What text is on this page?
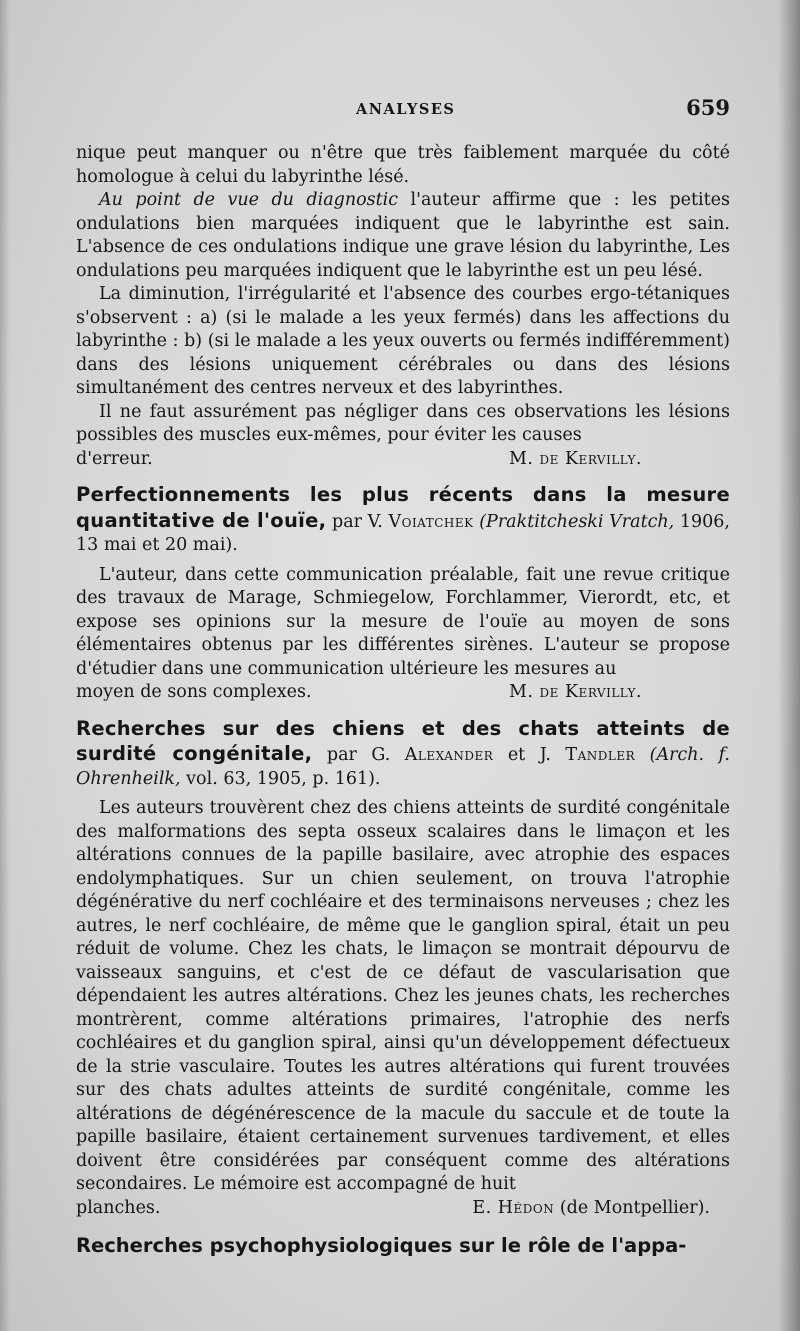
ANALYSES	659

nique peut manquer ou n'être que très faiblement marquée du côté homologue à celui du labyrinthe lésé.

Au point de vue du diagnostic l'auteur affirme que : les petites ondulations bien marquées indiquent que le labyrinthe est sain. L'absence de ces ondulations indique une grave lésion du labyrinthe, Les ondulations peu marquées indiquent que le labyrinthe est un peu lésé.

La diminution, l'irrégularité et l'absence des courbes ergo-tétaniques s'observent : a) (si le malade a les yeux fermés) dans les affections du labyrinthe : b) (si le malade a les yeux ouverts ou fermés indifféremment) dans des lésions uniquement cérébrales ou dans des lésions simultanément des centres nerveux et des labyrinthes.

Il ne faut assurément pas négliger dans ces observations les lésions possibles des muscles eux-mêmes, pour éviter les causes

d'erreur.	M. de Kervilly.
Perfectionnements les plus récents dans la mesure quantitative de l'ouïe, par V. Voiatchek (Praktitcheski Vratch, 1906, 13 mai et 20 mai).

L'auteur, dans cette communication préalable, fait une revue critique des travaux de Marage, Schmiegelow, Forchlammer, Vierordt, etc, et expose ses opinions sur la mesure de l'ouïe au moyen de sons élémentaires obtenus par les différentes sirènes. L'auteur se propose d'étudier dans une communication ultérieure les mesures au

moyen de sons complexes.	M. de Kervilly.
Recherches sur des chiens et des chats atteints de surdité congénitale, par G. Alexander et J. Tandler (Arch. f. Ohrenheilk, vol. 63, 1905, p. 161).

Les auteurs trouvèrent chez des chiens atteints de surdité congénitale des malformations des septa osseux scalaires dans le limaçon et les altérations connues de la papille basilaire, avec atrophie des espaces endolymphatiques. Sur un chien seulement, on trouva l'atrophie dégénérative du nerf cochléaire et des terminaisons nerveuses ; chez les autres, le nerf cochléaire, de même que le ganglion spiral, était un peu réduit de volume. Chez les chats, le limaçon se montrait dépourvu de vaisseaux sanguins, et c'est de ce défaut de vascularisation que dépendaient les autres altérations. Chez les jeunes chats, les recherches montrèrent, comme altérations primaires, l'atrophie des nerfs cochléaires et du ganglion spiral, ainsi qu'un développement défectueux de la strie vasculaire. Toutes les autres altérations qui furent trouvées sur des chats adultes atteints de surdité congénitale, comme les altérations de dégénérescence de la macule du saccule et de toute la papille basilaire, étaient certainement survenues tardivement, et elles doivent être considérées par conséquent comme des altérations secondaires. Le mémoire est accompagné de huit

planches.	E. Hédon (de Montpellier).
Recherches psychophysiologiques sur le rôle de l'appa-
